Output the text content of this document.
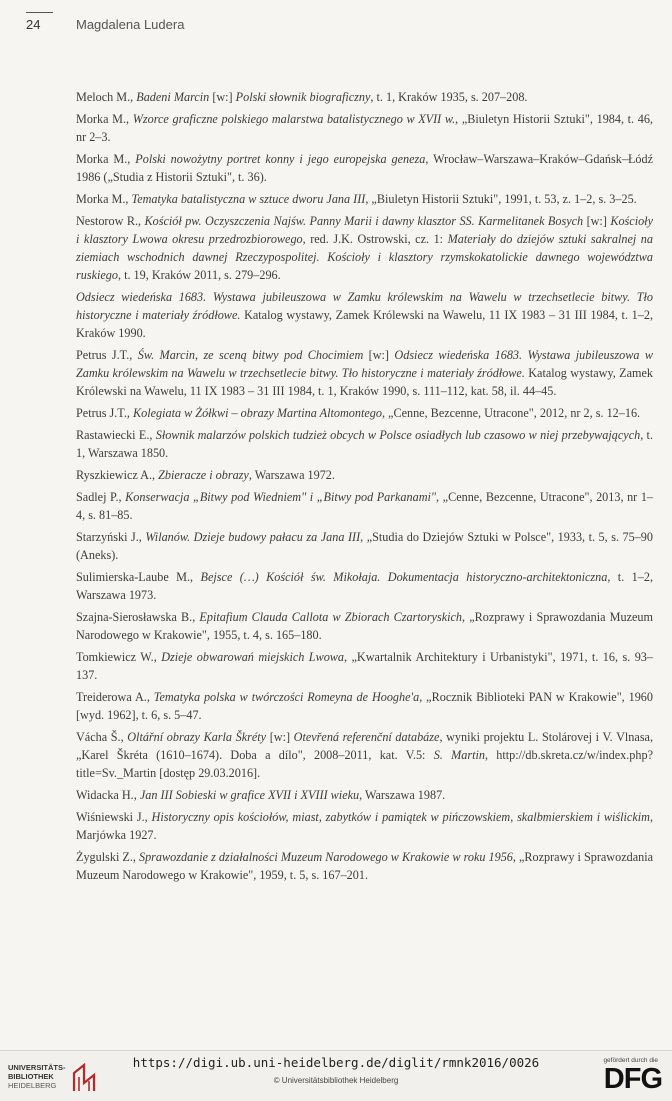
24	Magdalena Ludera

Meloch M., Badeni Marcin [w:] Polski słownik biograficzny, t. 1, Kraków 1935, s. 207–208.

Morka M., Wzorce graficzne polskiego malarstwa batalistycznego w XVII w., „Biuletyn Historii Sztuki", 1984, t. 46, nr 2–3.

Morka M., Polski nowożytny portret konny i jego europejska geneza, Wrocław–Warszawa–Kraków–Gdańsk–Łódź 1986 („Studia z Historii Sztuki", t. 36).

Morka M., Tematyka batalistyczna w sztuce dworu Jana III, „Biuletyn Historii Sztuki", 1991, t. 53, z. 1–2, s. 3–25.

Nestorow R., Kościół pw. Oczyszczenia Najśw. Panny Marii i dawny klasztor SS. Karmelitanek Bosych [w:] Kościoły i klasztory Lwowa okresu przedrozbiorowego, red. J.K. Ostrowski, cz. 1: Materiały do dziejów sztuki sakralnej na ziemiach wschodnich dawnej Rzeczypospolitej. Kościoły i klasztory rzymskokatolickie dawnego województwa ruskiego, t. 19, Kraków 2011, s. 279–296.

Odsiecz wiedeńska 1683. Wystawa jubileuszowa w Zamku królewskim na Wawelu w trzechsetlecie bitwy. Tło historyczne i materiały źródłowe. Katalog wystawy, Zamek Królewski na Wawelu, 11 IX 1983 – 31 III 1984, t. 1–2, Kraków 1990.

Petrus J.T., Św. Marcin, ze sceną bitwy pod Chocimiem [w:] Odsiecz wiedeńska 1683. Wystawa jubileuszowa w Zamku królewskim na Wawelu w trzechsetlecie bitwy. Tło historyczne i materiały źródłowe. Katalog wystawy, Zamek Królewski na Wawelu, 11 IX 1983 – 31 III 1984, t. 1, Kraków 1990, s. 111–112, kat. 58, il. 44–45.

Petrus J.T., Kolegiata w Żółkwi – obrazy Martina Altomontego, „Cenne, Bezcenne, Utracone", 2012, nr 2, s. 12–16.

Rastawiecki E., Słownik malarzów polskich tudzież obcych w Polsce osiadłych lub czasowo w niej przebywających, t. 1, Warszawa 1850.

Ryszkiewicz A., Zbieracze i obrazy, Warszawa 1972.

Sadlej P., Konserwacja „Bitwy pod Wiedniem" i „Bitwy pod Parkanami", „Cenne, Bezcenne, Utracone", 2013, nr 1–4, s. 81–85.

Starzyński J., Wilanów. Dzieje budowy pałacu za Jana III, „Studia do Dziejów Sztuki w Polsce", 1933, t. 5, s. 75–90 (Aneks).

Sulimierska-Laube M., Bejsce (…) Kościół św. Mikołaja. Dokumentacja historyczno-architektoniczna, t. 1–2, Warszawa 1973.

Szajna-Sierosławska B., Epitafium Clauda Callota w Zbiorach Czartoryskich, „Rozprawy i Sprawozdania Muzeum Narodowego w Krakowie", 1955, t. 4, s. 165–180.

Tomkiewicz W., Dzieje obwarowań miejskich Lwowa, „Kwartalnik Architektury i Urbanistyki", 1971, t. 16, s. 93–137.

Treiderowa A., Tematyka polska w twórczości Romeyna de Hooghe'a, „Rocznik Biblioteki PAN w Krakowie", 1960 [wyd. 1962], t. 6, s. 5–47.

Vácha Š., Oltářní obrazy Karla Škréty [w:] Otevřená referenční databáze, wyniki projektu L. Stolárovej i V. Vlnasa, „Karel Škréta (1610–1674). Doba a dílo", 2008–2011, kat. V.5: S. Martin, http://db.skreta.cz/w/index.php?title=Sv._Martin [dostęp 29.03.2016].

Widacka H., Jan III Sobieski w grafice XVII i XVIII wieku, Warszawa 1987.

Wiśniewski J., Historyczny opis kościołów, miast, zabytków i pamiątek w pińczowskiem, skalbmierskiem i wiślickim, Marjówka 1927.

Żygulski Z., Sprawozdanie z działalności Muzeum Narodowego w Krakowie w roku 1956, „Rozprawy i Sprawozdania Muzeum Narodowego w Krakowie", 1959, t. 5, s. 167–201.

UNIVERSITÄTS-
BIBLIOTHEK
HEIDELBERG
https://digi.ub.uni-heidelberg.de/diglit/rmnk2016/0026
© Universitätsbibliothek Heidelberg
gefördert durch die
DFG
